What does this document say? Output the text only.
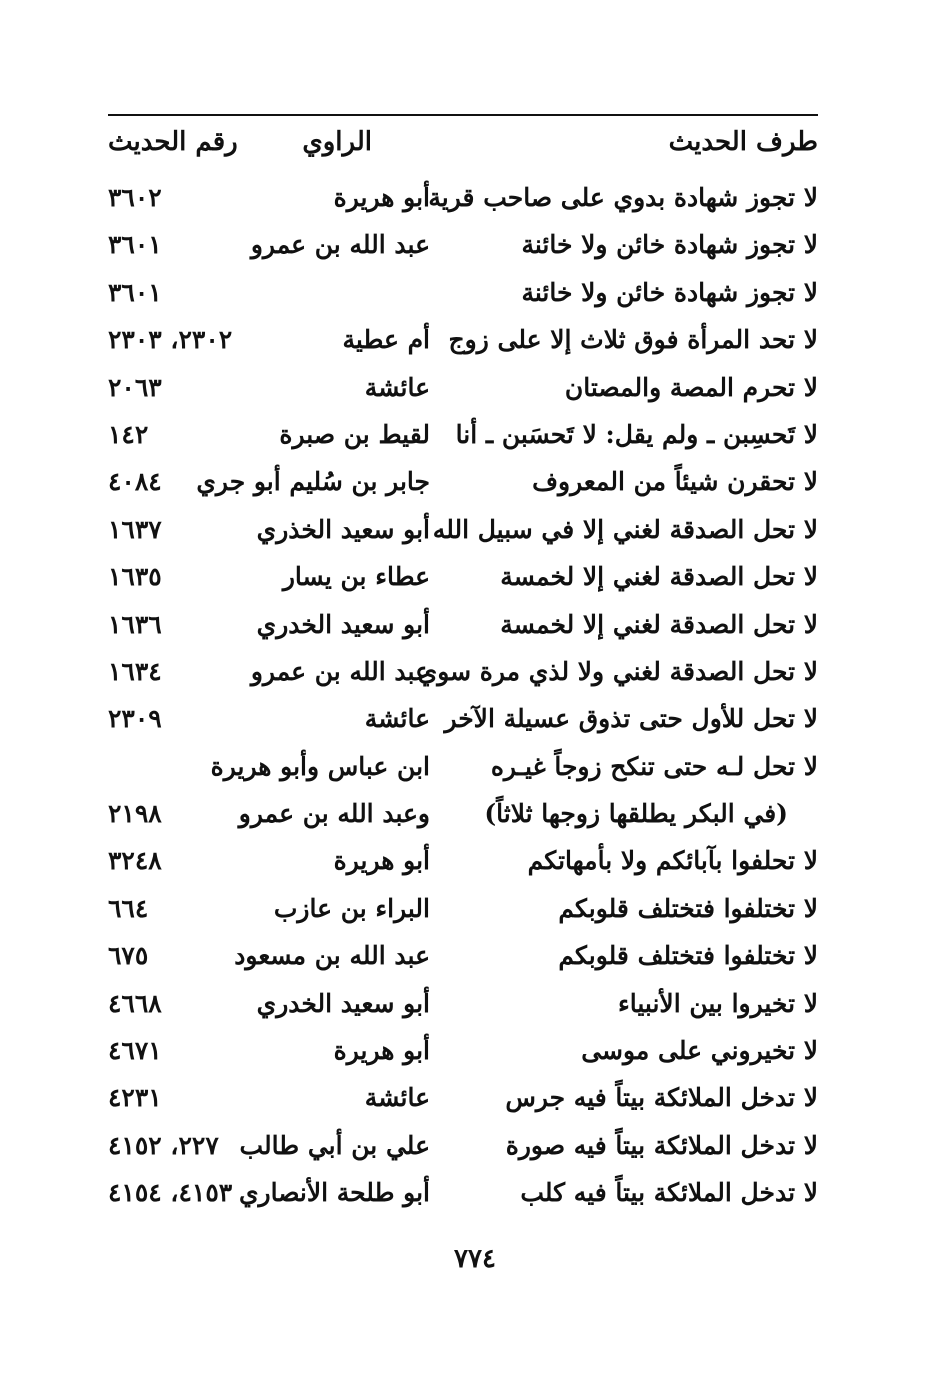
طرف الحديث
الراوي
رقم الحديث
لا تجوز شهادة بدوي على صاحب قرية
أبو هريرة
٣٦٠٢
لا تجوز شهادة خائن ولا خائنة
عبد الله بن عمرو
٣٦٠١
لا تجوز شهادة خائن ولا خائنة
٣٦٠١
لا تحد المرأة فوق ثلاث إلا على زوج
أم عطية
٢٣٠٢، ٢٣٠٣
لا تحرم المصة والمصتان
عائشة
٢٠٦٣
لا تَحسِبن ـ ولم يقل: لا تَحسَبن ـ أنا
لقيط بن صبرة
١٤٢
لا تحقرن شيئاً من المعروف
جابر بن سُليم أبو جري
٤٠٨٤
لا تحل الصدقة لغني إلا في سبيل الله
أبو سعيد الخذري
١٦٣٧
لا تحل الصدقة لغني إلا لخمسة
عطاء بن يسار
١٦٣٥
لا تحل الصدقة لغني إلا لخمسة
أبو سعيد الخدري
١٦٣٦
لا تحل الصدقة لغني ولا لذي مرة سوي
عبد الله بن عمرو
١٦٣٤
لا تحل للأول حتى تذوق عسيلة الآخر
عائشة
٢٣٠٩
لا تحل لـه حتى تنكح زوجاً غيـره
ابن عباس وأبو هريرة
(في البكر يطلقها زوجها ثلاثاً)
وعبد الله بن عمرو
٢١٩٨
لا تحلفوا بآبائكم ولا بأمهاتكم
أبو هريرة
٣٢٤٨
لا تختلفوا فتختلف قلوبكم
البراء بن عازب
٦٦٤
لا تختلفوا فتختلف قلوبكم
عبد الله بن مسعود
٦٧٥
لا تخيروا بين الأنبياء
أبو سعيد الخدري
٤٦٦٨
لا تخيروني على موسى
أبو هريرة
٤٦٧١
لا تدخل الملائكة بيتاً فيه جرس
عائشة
٤٢٣١
لا تدخل الملائكة بيتاً فيه صورة
علي بن أبي طالب
٢٢٧، ٤١٥٢
لا تدخل الملائكة بيتاً فيه كلب
أبو طلحة الأنصاري
٤١٥٣، ٤١٥٤
٧٧٤
